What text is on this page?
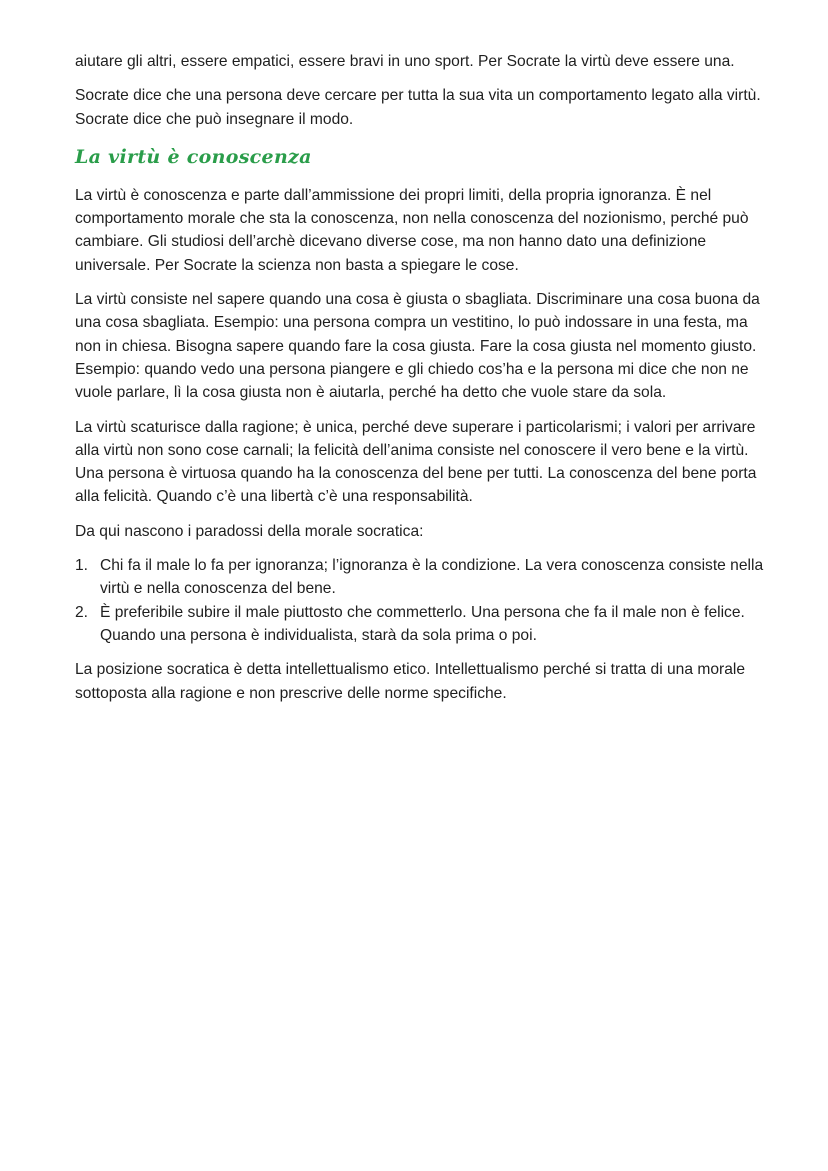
aiutare gli altri, essere empatici, essere bravi in uno sport. Per Socrate la virtù deve essere una.

Socrate dice che una persona deve cercare per tutta la sua vita un comportamento legato alla virtù. Socrate dice che può insegnare il modo.

La virtù è conoscenza

La virtù è conoscenza e parte dall’ammissione dei propri limiti, della propria ignoranza. È nel comportamento morale che sta la conoscenza, non nella conoscenza del nozionismo, perché può cambiare. Gli studiosi dell’archè dicevano diverse cose, ma non hanno dato una definizione universale. Per Socrate la scienza non basta a spiegare le cose.

La virtù consiste nel sapere quando una cosa è giusta o sbagliata. Discriminare una cosa buona da una cosa sbagliata. Esempio: una persona compra un vestitino, lo può indossare in una festa, ma non in chiesa. Bisogna sapere quando fare la cosa giusta. Fare la cosa giusta nel momento giusto. Esempio: quando vedo una persona piangere e gli chiedo cos’ha e la persona mi dice che non ne vuole parlare, lì la cosa giusta non è aiutarla, perché ha detto che vuole stare da sola.

La virtù scaturisce dalla ragione; è unica, perché deve superare i particolarismi; i valori per arrivare alla virtù non sono cose carnali; la felicità dell’anima consiste nel conoscere il vero bene e la virtù. Una persona è virtuosa quando ha la conoscenza del bene per tutti. La conoscenza del bene porta alla felicità. Quando c’è una libertà c’è una responsabilità.

Da qui nascono i paradossi della morale socratica:

1. Chi fa il male lo fa per ignoranza; l’ignoranza è la condizione. La vera conoscenza consiste nella virtù e nella conoscenza del bene.
2. È preferibile subire il male piuttosto che commetterlo. Una persona che fa il male non è felice. Quando una persona è individualista, starà da sola prima o poi.

La posizione socratica è detta intellettualismo etico. Intellettualismo perché si tratta di una morale sottoposta alla ragione e non prescrive delle norme specifiche.
